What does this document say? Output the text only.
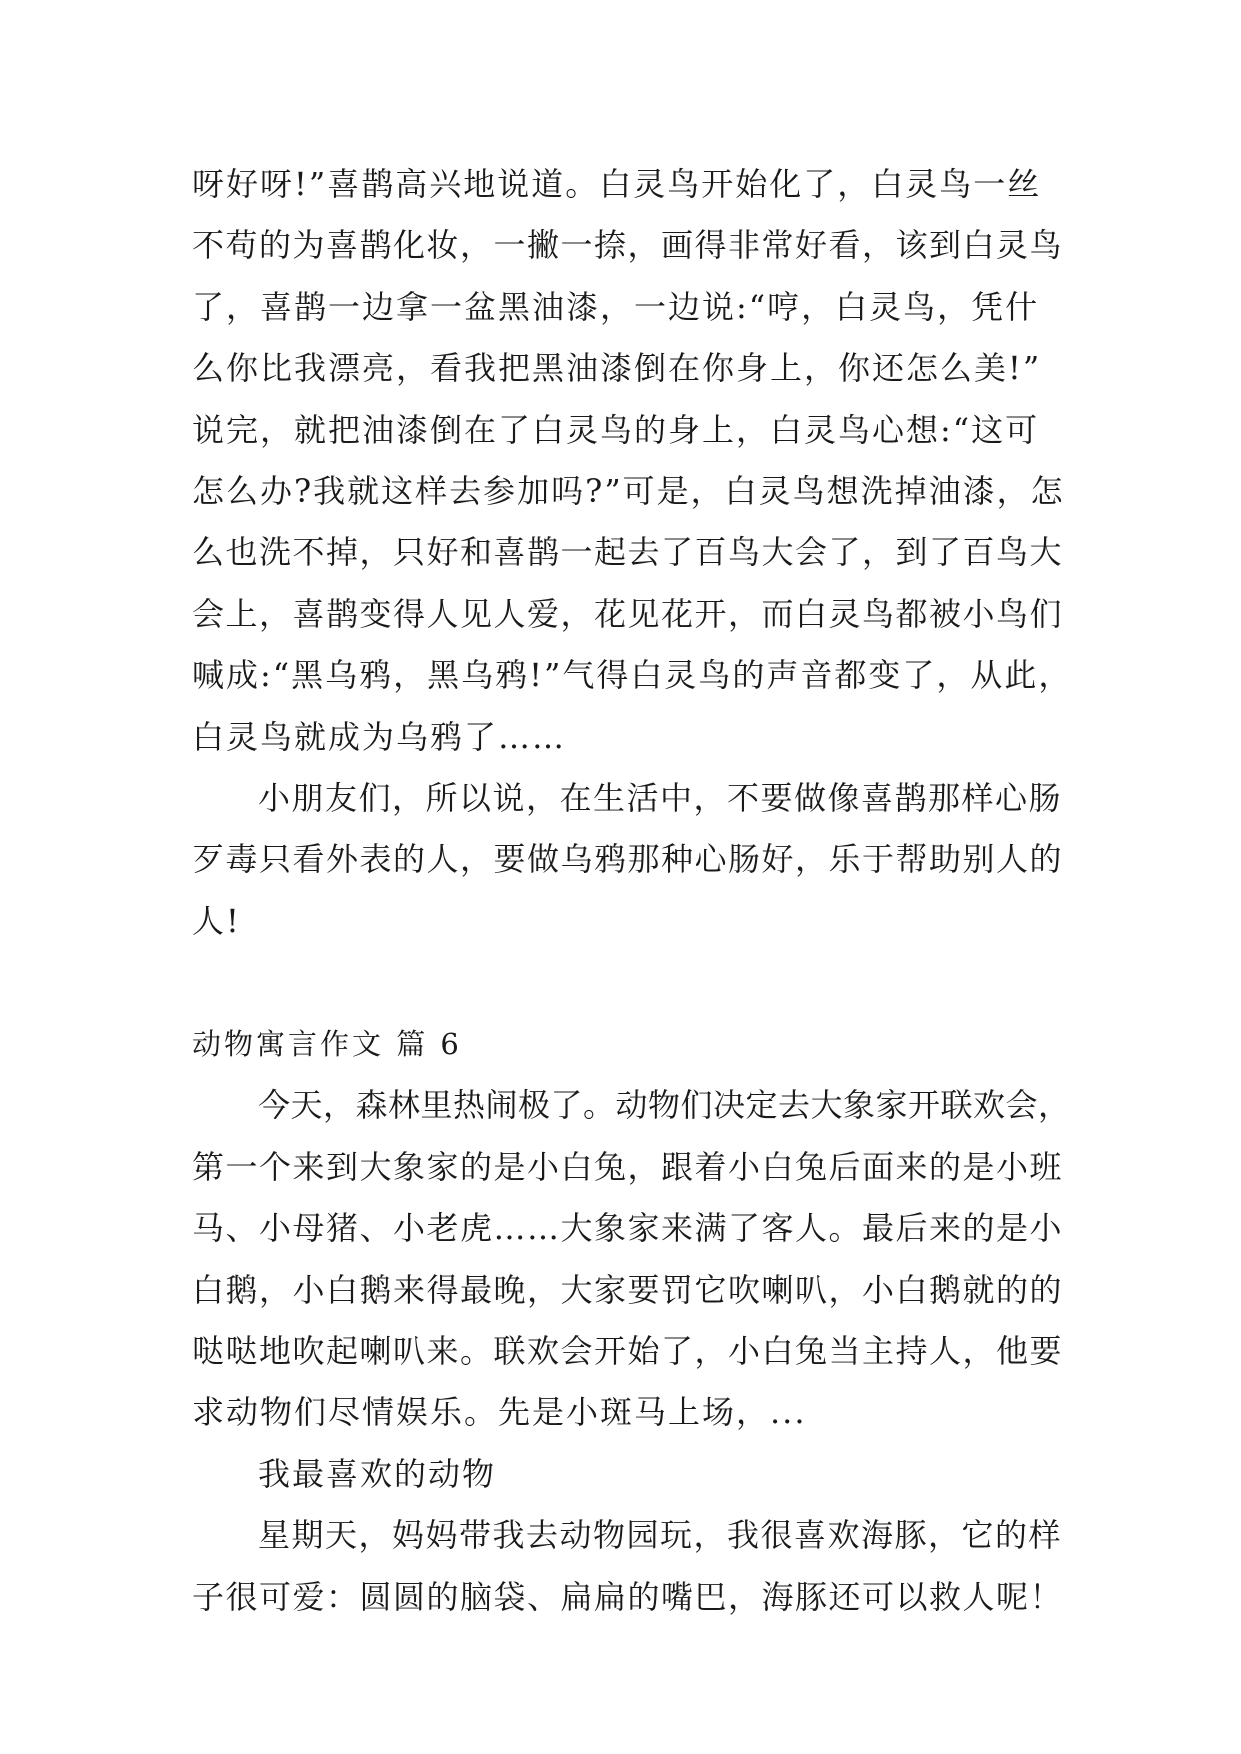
呀好呀!”喜鹊高兴地说道。白灵鸟开始化了，白灵鸟一丝
不苟的为喜鹊化妆，一撇一捺，画得非常好看，该到白灵鸟
了，喜鹊一边拿一盆黑油漆，一边说:“哼，白灵鸟，凭什
么你比我漂亮，看我把黑油漆倒在你身上，你还怎么美!”
说完，就把油漆倒在了白灵鸟的身上，白灵鸟心想:“这可
怎么办?我就这样去参加吗?”可是，白灵鸟想洗掉油漆，怎
么也洗不掉，只好和喜鹊一起去了百鸟大会了，到了百鸟大
会上，喜鹊变得人见人爱，花见花开，而白灵鸟都被小鸟们
喊成:“黑乌鸦，黑乌鸦!”气得白灵鸟的声音都变了，从此，
白灵鸟就成为乌鸦了……
小朋友们，所以说，在生活中，不要做像喜鹊那样心肠
歹毒只看外表的人，要做乌鸦那种心肠好，乐于帮助别人的
人!
动物寓言作文 篇 6
今天，森林里热闹极了。动物们决定去大象家开联欢会，
第一个来到大象家的是小白兔，跟着小白兔后面来的是小班
马、小母猪、小老虎……大象家来满了客人。最后来的是小
白鹅，小白鹅来得最晚，大家要罚它吹喇叭，小白鹅就的的
哒哒地吹起喇叭来。联欢会开始了，小白兔当主持人，他要
求动物们尽情娱乐。先是小斑马上场，...
我最喜欢的动物
星期天，妈妈带我去动物园玩，我很喜欢海豚，它的样
子很可爱：圆圆的脑袋、扁扁的嘴巴，海豚还可以救人呢！
